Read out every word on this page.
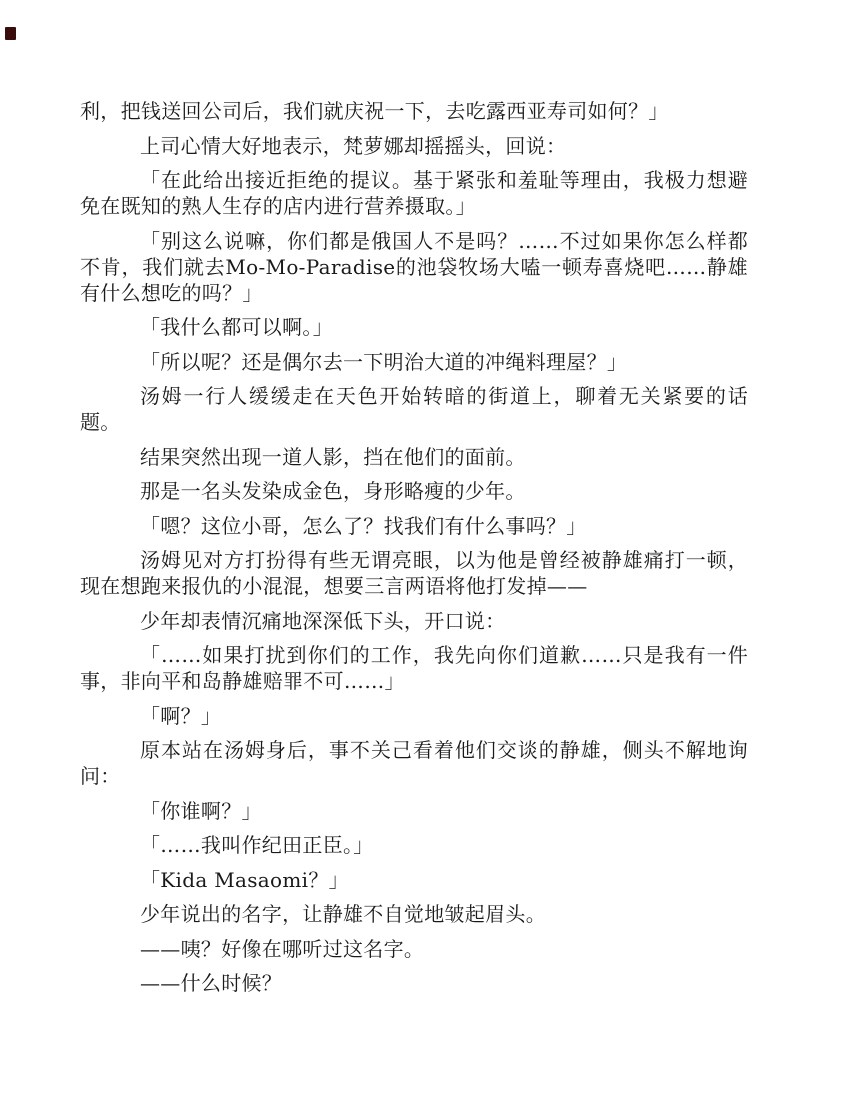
利，把钱送回公司后，我们就庆祝一下，去吃露西亚寿司如何？」

上司心情大好地表示，梵萝娜却摇摇头，回说：

「在此给出接近拒绝的提议。基于紧张和羞耻等理由，我极力想避免在既知的熟人生存的店内进行营养摄取。」

「别这么说嘛，你们都是俄国人不是吗？……不过如果你怎么样都不肯，我们就去Mo-Mo-Paradise的池袋牧场大嗑一顿寿喜烧吧……静雄有什么想吃的吗？」

「我什么都可以啊。」

「所以呢？还是偶尔去一下明治大道的冲绳料理屋？」

汤姆一行人缓缓走在天色开始转暗的街道上，聊着无关紧要的话题。

结果突然出现一道人影，挡在他们的面前。

那是一名头发染成金色，身形略瘦的少年。

「嗯？这位小哥，怎么了？找我们有什么事吗？」

汤姆见对方打扮得有些无谓亮眼，以为他是曾经被静雄痛打一顿，现在想跑来报仇的小混混，想要三言两语将他打发掉——

少年却表情沉痛地深深低下头，开口说：

「……如果打扰到你们的工作，我先向你们道歉……只是我有一件事，非向平和岛静雄赔罪不可……」

「啊？」

原本站在汤姆身后，事不关己看着他们交谈的静雄，侧头不解地询问：

「你谁啊？」

「……我叫作纪田正臣。」

「Kida Masaomi？」

少年说出的名字，让静雄不自觉地皱起眉头。

——咦？好像在哪听过这名字。

——什么时候？
